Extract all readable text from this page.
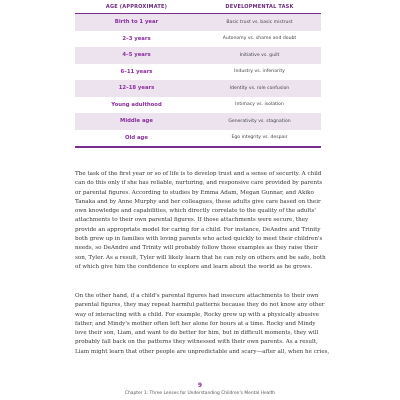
AGE (APPROXIMATE)	DEVELOPMENTAL TASK
Birth to 1 year	Basic trust vs. basic mistrust
2–3 years	Autonomy vs. shame and doubt
4–5 years	Initiative vs. guilt
6–11 years	Industry vs. inferiority
12–18 years	Identity vs. role confusion
Young adulthood	Intimacy vs. isolation
Middle age	Generativity vs. stagnation
Old age	Ego integrity vs. despair
The task of the first year or so of life is to develop trust and a sense of security. A child
can do this only if she has reliable, nurturing, and responsive care provided by parents
or parental figures. According to studies by Emma Adam, Megan Gunnar, and Akiko
Tanaka and by Anne Murphy and her colleagues, these adults give care based on their
own knowledge and capabilities, which directly correlate to the quality of the adults'
attachments to their own parental figures. If those attachments were secure, they
provide an appropriate model for caring for a child. For instance, DeAndre and Trinity
both grew up in families with loving parents who acted quickly to meet their children's
needs, so DeAndre and Trinity will probably follow those examples as they raise their
son, Tyler. As a result, Tyler will likely learn that he can rely on others and be safe, both
of which give him the confidence to explore and learn about the world as he grows.
On the other hand, if a child's parental figures had insecure attachments to their own
parental figures, they may repeat harmful patterns because they do not know any other
way of interacting with a child. For example, Rocky grew up with a physically abusive
father, and Mindy's mother often left her alone for hours at a time. Rocky and Mindy
love their son, Liam, and want to do better for him, but in difficult moments, they will
probably fall back on the patterns they witnessed with their own parents. As a result,
Liam might learn that other people are unpredictable and scary—after all, when he cries,
9
Chapter 1: Three Lenses for Understanding Children's Mental Health
